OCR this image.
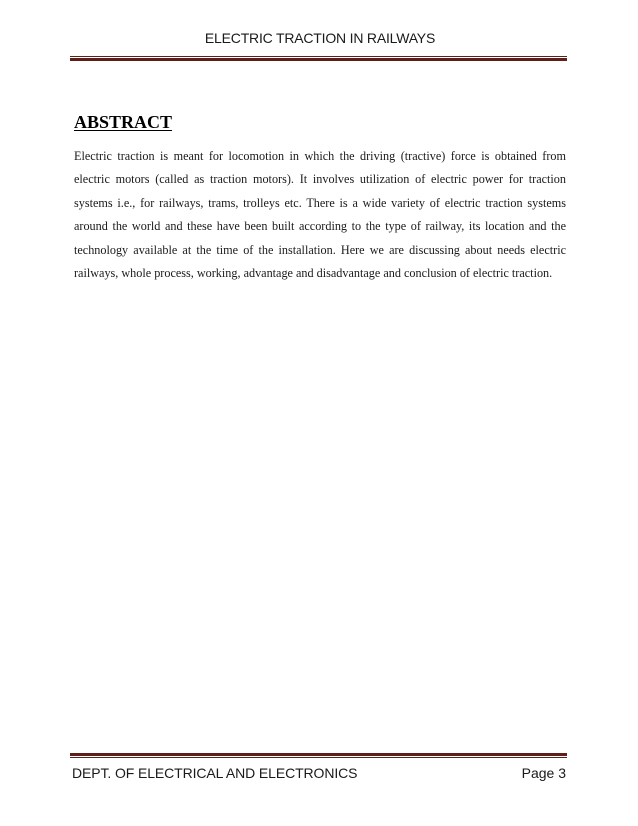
ELECTRIC TRACTION IN RAILWAYS
ABSTRACT

Electric traction is meant for locomotion in which the driving (tractive) force is obtained from electric motors (called as traction motors). It involves utilization of electric power for traction systems i.e., for railways, trams, trolleys etc. There is a wide variety of electric traction systems around the world and these have been built according to the type of railway, its location and the technology available at the time of the installation. Here we are discussing about needs electric railways, whole process, working, advantage and disadvantage and conclusion of electric traction.

DEPT. OF ELECTRICAL AND ELECTRONICS	Page 3
